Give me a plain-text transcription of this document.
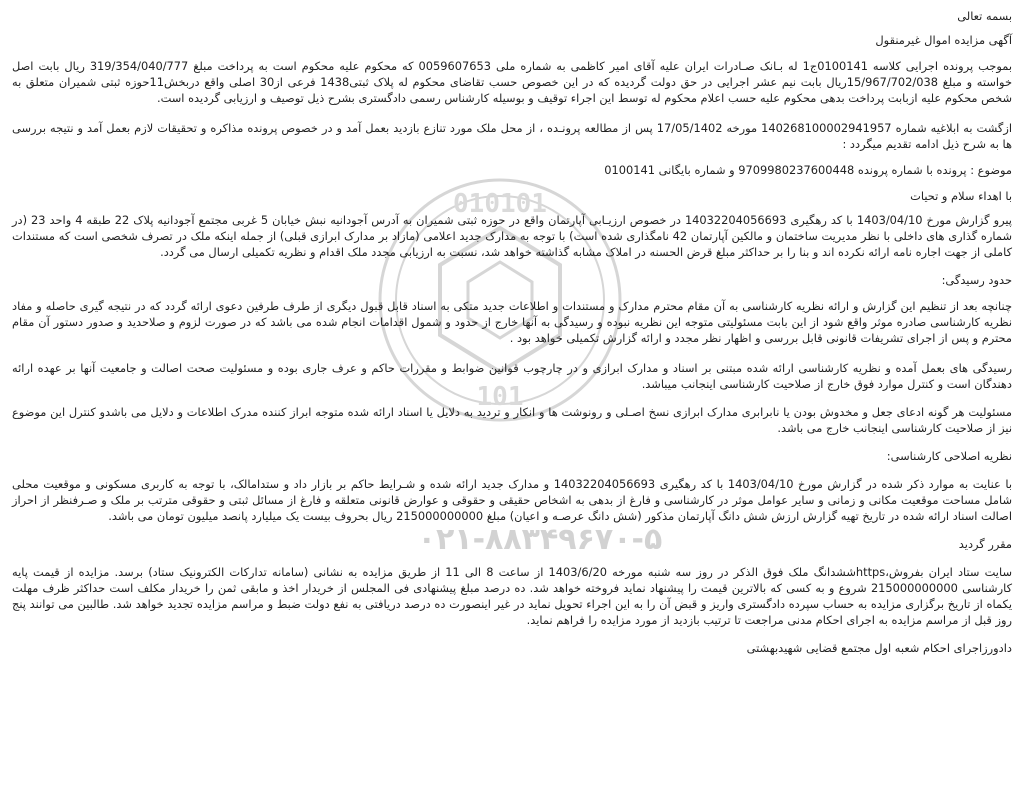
010101
101
۰۲۱-۸۸۳۴۹۶۷۰-۵

بسمه تعالی

آگهی مزایده اموال غیرمنقول

بموجب پرونده اجرایی کلاسه 0100141ج1 له بـانک صـادرات ایران علیه آقای امیر کاظمی به شماره ملی 0059607653 که محکوم علیه محکوم است به پرداخت مبلغ 319/354/040/777 ریال بابت اصل خواسته و مبلغ 15/967/702/038ریال بابت نیم عشر اجرایی در حق دولت گردیده که در این خصوص حسب تقاضای محکوم له پلاک ثبتی1438 فرعی از30 اصلی واقع دربخش11حوزه ثبتی شمیران متعلق به شخص محکوم علیه ازبابت پرداخت بدهی محکوم علیه حسب اعلام محکوم له توسط این اجراء توقیف و بوسیله کارشناس رسمی دادگستری بشرح ذیل توصیف و ارزیابی گردیده است.

ازگشت به ابلاغیه شماره 140268100002941957 مورخه 17/05/1402 پس از مطالعه پرونـده ، از محل ملک مورد تنازع بازدید بعمل آمد و در خصوص پرونده مذاکره و تحقیقات لازم بعمل آمد و نتیجه بررسی ها به شرح ذیل ادامه تقدیم میگردد :

موضوع : پرونده با شماره پرونده 9709980237600448 و شماره بایگانی 0100141

با اهداء سلام و تحیات

پیرو گزارش مورخ 1403/04/10 با کد رهگیری 14032204056693 در خصوص ارزیـابی آپارتمان واقع در حوزه ثبتی شمیران به آدرس آجودانیه نبش خیابان 5 غربی مجتمع آجودانیه پلاک 22 طبقه 4 واحد 23 (در شماره گذاری های داخلی با نظر مدیریت ساختمان و مالکین آپارتمان 42 نامگذاری شده است) با توجه به مدارک جدید اعلامی (مازاد بر مدارک ابرازی قبلی) از جمله اینکه ملک در تصرف شخصی است که مستندات کاملی از جهت اجاره نامه ارائه نکرده اند و بنا را بر حداکثر مبلغ قرض الحسنه در املاک مشابه گذاشته خواهد شد، نسبت به ارزیابی مجدد ملک اقدام و نظریه تکمیلی ارسال می گردد.

حدود رسیدگی:

چنانچه بعد از تنظیم این گزارش و ارائه نظریه کارشناسی به آن مقام محترم مدارک و مستندات و اطلاعات جدید متکی به اسناد قابل قبول دیگری از طرف طرفین دعوی ارائه گردد که در نتیجه گیری حاصله و مفاد نظریه کارشناسی صادره موثر واقع شود از این بابت مسئولیتی متوجه این نظریه نبوده و رسیدگی به آنها خارج از حدود و شمول اقدامات انجام شده می باشد که در صورت لزوم و صلاحدید و صدور دستور آن مقام محترم و پس از اجرای تشریفات قانونی قابل بررسی و اظهار نظر مجدد و ارائه گزارش تکمیلی خواهد بود .

رسیدگی های بعمل آمده و نظریه کارشناسی ارائه شده مبتنی بر اسناد و مدارک ابرازی و در چارچوب قوانین ضوابط و مقررات حاکم و عرف جاری بوده و مسئولیت صحت اصالت و جامعیت آنها بر عهده ارائه دهندگان است و کنترل موارد فوق خارج از صلاحیت کارشناسی اینجانب میباشد.

مسئولیت هر گونه ادعای جعل و مخدوش بودن یا نابرابری مدارک ابرازی نسخ اصـلی و رونوشت ها و انکار و تردید به دلایل یا اسناد ارائه شده متوجه ابراز کننده مدرک اطلاعات و دلایل می باشدو کنترل این موضوع نیز از صلاحیت کارشناسی اینجانب خارج می باشد.

نظریه اصلاحی کارشناسی:

با عنایت به موارد ذکر شده در گزارش مورخ 1403/04/10 با کد رهگیری 14032204056693 و مدارک جدید ارائه شده و شـرایط حاکم بر بازار داد و ستدامالک، با توجه به کاربری مسکونی و موقعیت محلی شامل مساحت موقعیت مکانی و زمانی و سایر عوامل موثر در کارشناسی و فارغ از بدهی به اشخاص حقیقی و حقوقی و عوارض قانونی متعلقه و فارغ از مسائل ثبتی و حقوقی مترتب بر ملک و صـرفنظر از احراز اصالت اسناد ارائه شده در تاریخ تهیه گزارش ارزش شش دانگ آپارتمان مذکور (شش دانگ عرصـه و اعیان) مبلغ 215000000000 ریال بحروف بیست یک میلیارد پانصد میلیون تومان می باشد.

مقرر گردید

سایت ستاد ایران بفروش،httpsششدانگ ملک فوق الذکر در روز سه شنبه مورخه 1403/6/20 از ساعت 8 الی 11 از طریق مزایده به نشانی (سامانه تدارکات الکترونیک ستاد) برسد. مزایده از قیمت پایه کارشناسی 215000000000 شروع و به کسی که بالاترین قیمت را پیشنهاد نماید فروخته خواهد شد. ده درصد مبلغ پیشنهادی فی المجلس از خریدار اخذ و مابقی ثمن را خریدار مکلف است حداکثر ظرف مهلت یکماه از تاریخ برگزاری مزایده به حساب سپرده دادگستری واریز و قبض آن را به این اجراء تحویل نماید در غیر اینصورت ده درصد دریافتی به نفع دولت ضبط و مراسم مزایده تجدید خواهد شد. طالبین می توانند پنج روز قبل از مراسم مزایده به اجرای احکام مدنی مراجعت تا ترتیب بازدید از مورد مزایده را فراهم نماید.

دادورزاجرای احکام شعبه اول مجتمع قضایی شهیدبهشتی
